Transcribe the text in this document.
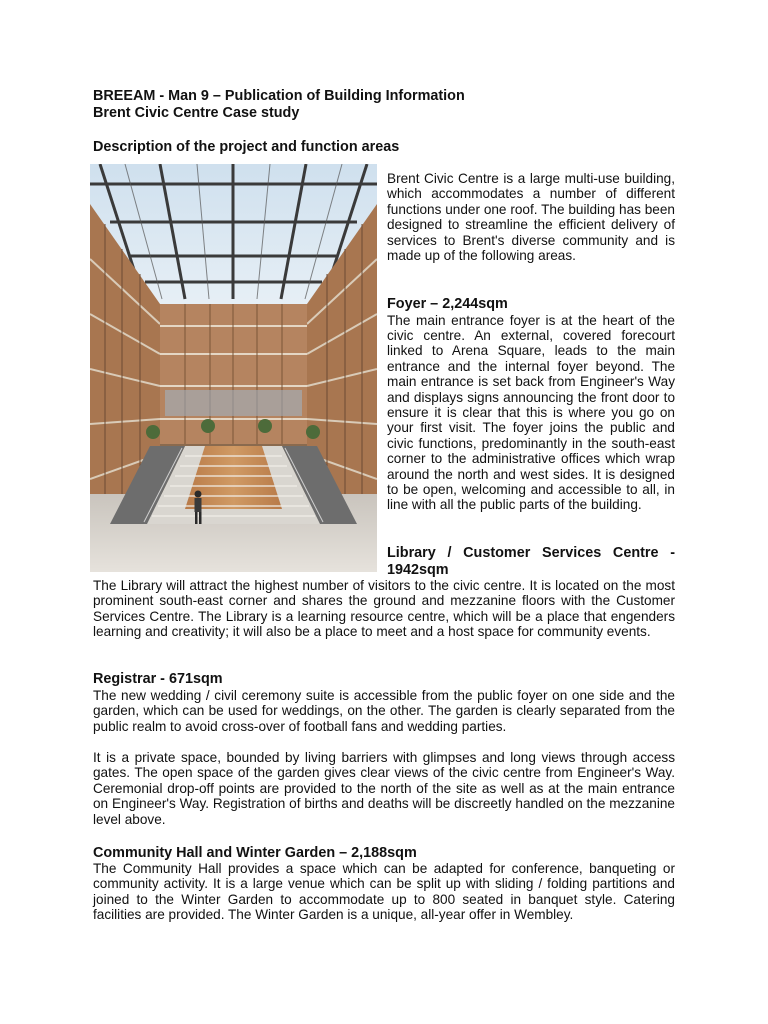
BREEAM - Man 9 – Publication of Building Information
Brent Civic Centre Case study
Description of the project and function areas

Brent Civic Centre is a large multi-use building, which accommodates a number of different functions under one roof. The building has been designed to streamline the efficient delivery of services to Brent's diverse community and is made up of the following areas.

Foyer – 2,244sqm

The main entrance foyer is at the heart of the civic centre. An external, covered forecourt linked to Arena Square, leads to the main entrance and the internal foyer beyond. The main entrance is set back from Engineer's Way and displays signs announcing the front door to ensure it is clear that this is where you go on your first visit. The foyer joins the public and civic functions, predominantly in the south-east corner to the administrative offices which wrap around the north and west sides. It is designed to be open, welcoming and accessible to all, in line with all the public parts of the building.

Library / Customer Services Centre - 1942sqm

The Library will attract the highest number of visitors to the civic centre. It is located on the most prominent south-east corner and shares the ground and mezzanine floors with the Customer Services Centre. The Library is a learning resource centre, which will be a place that engenders learning and creativity; it will also be a place to meet and a host space for community events.

Registrar - 671sqm

The new wedding / civil ceremony suite is accessible from the public foyer on one side and the garden, which can be used for weddings, on the other. The garden is clearly separated from the public realm to avoid cross-over of football fans and wedding parties.

It is a private space, bounded by living barriers with glimpses and long views through access gates. The open space of the garden gives clear views of the civic centre from Engineer's Way. Ceremonial drop-off points are provided to the north of the site as well as at the main entrance on Engineer's Way. Registration of births and deaths will be discreetly handled on the mezzanine level above.

Community Hall and Winter Garden – 2,188sqm

The Community Hall provides a space which can be adapted for conference, banqueting or community activity. It is a large venue which can be split up with sliding / folding partitions and joined to the Winter Garden to accommodate up to 800 seated in banquet style. Catering facilities are provided. The Winter Garden is a unique, all-year offer in Wembley.
